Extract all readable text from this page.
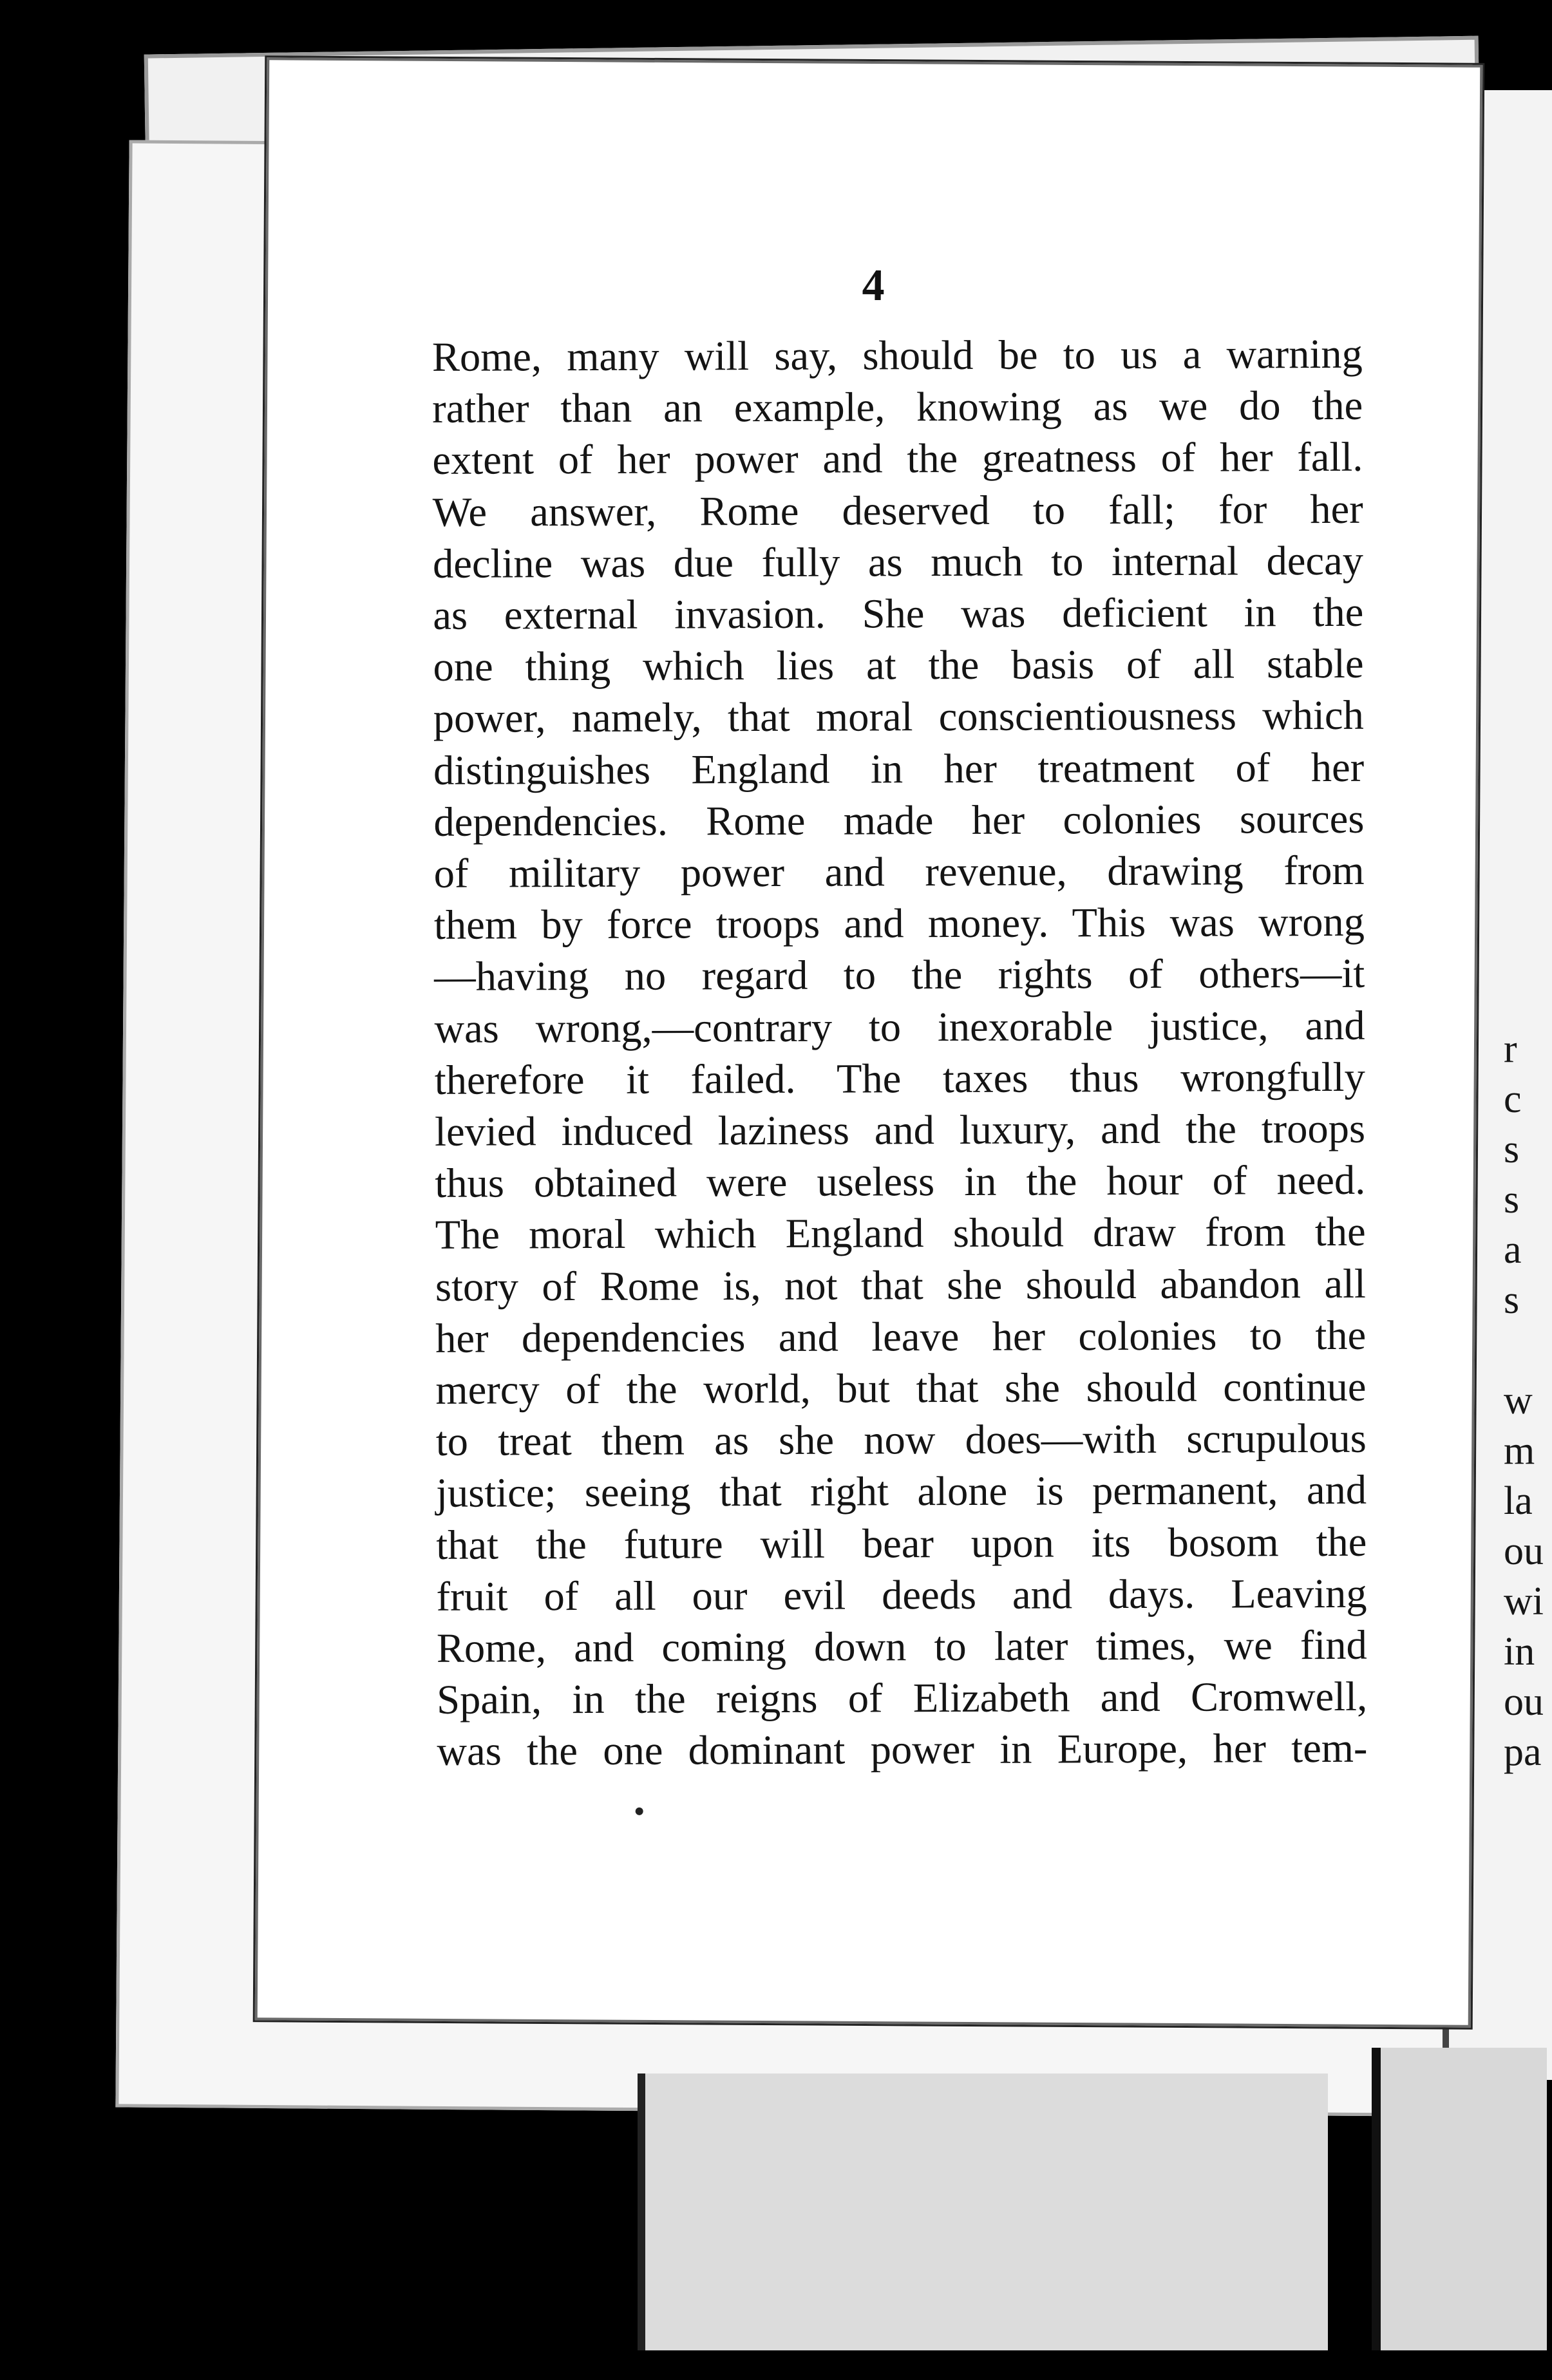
r
c
s
s
a
s
w
m
la
ou
wi
in
ou
pa
4
Rome, many will say, should be to us a warning
rather than an example, knowing as we do the
extent of her power and the greatness of her fall.
We answer, Rome deserved to fall; for her
decline was due fully as much to internal decay
as external invasion. She was deficient in the
one thing which lies at the basis of all stable
power, namely, that moral conscientiousness which
distinguishes England in her treatment of her
dependencies. Rome made her colonies sources
of military power and revenue, drawing from
them by force troops and money. This was wrong
—having no regard to the rights of others—it
was wrong,—contrary to inexorable justice, and
therefore it failed. The taxes thus wrongfully
levied induced laziness and luxury, and the troops
thus obtained were useless in the hour of need.
The moral which England should draw from the
story of Rome is, not that she should abandon all
her dependencies and leave her colonies to the
mercy of the world, but that she should continue
to treat them as she now does—with scrupulous
justice; seeing that right alone is permanent, and
that the future will bear upon its bosom the
fruit of all our evil deeds and days. Leaving
Rome, and coming down to later times, we find
Spain, in the reigns of Elizabeth and Cromwell,
was the one dominant power in Europe, her tem-
